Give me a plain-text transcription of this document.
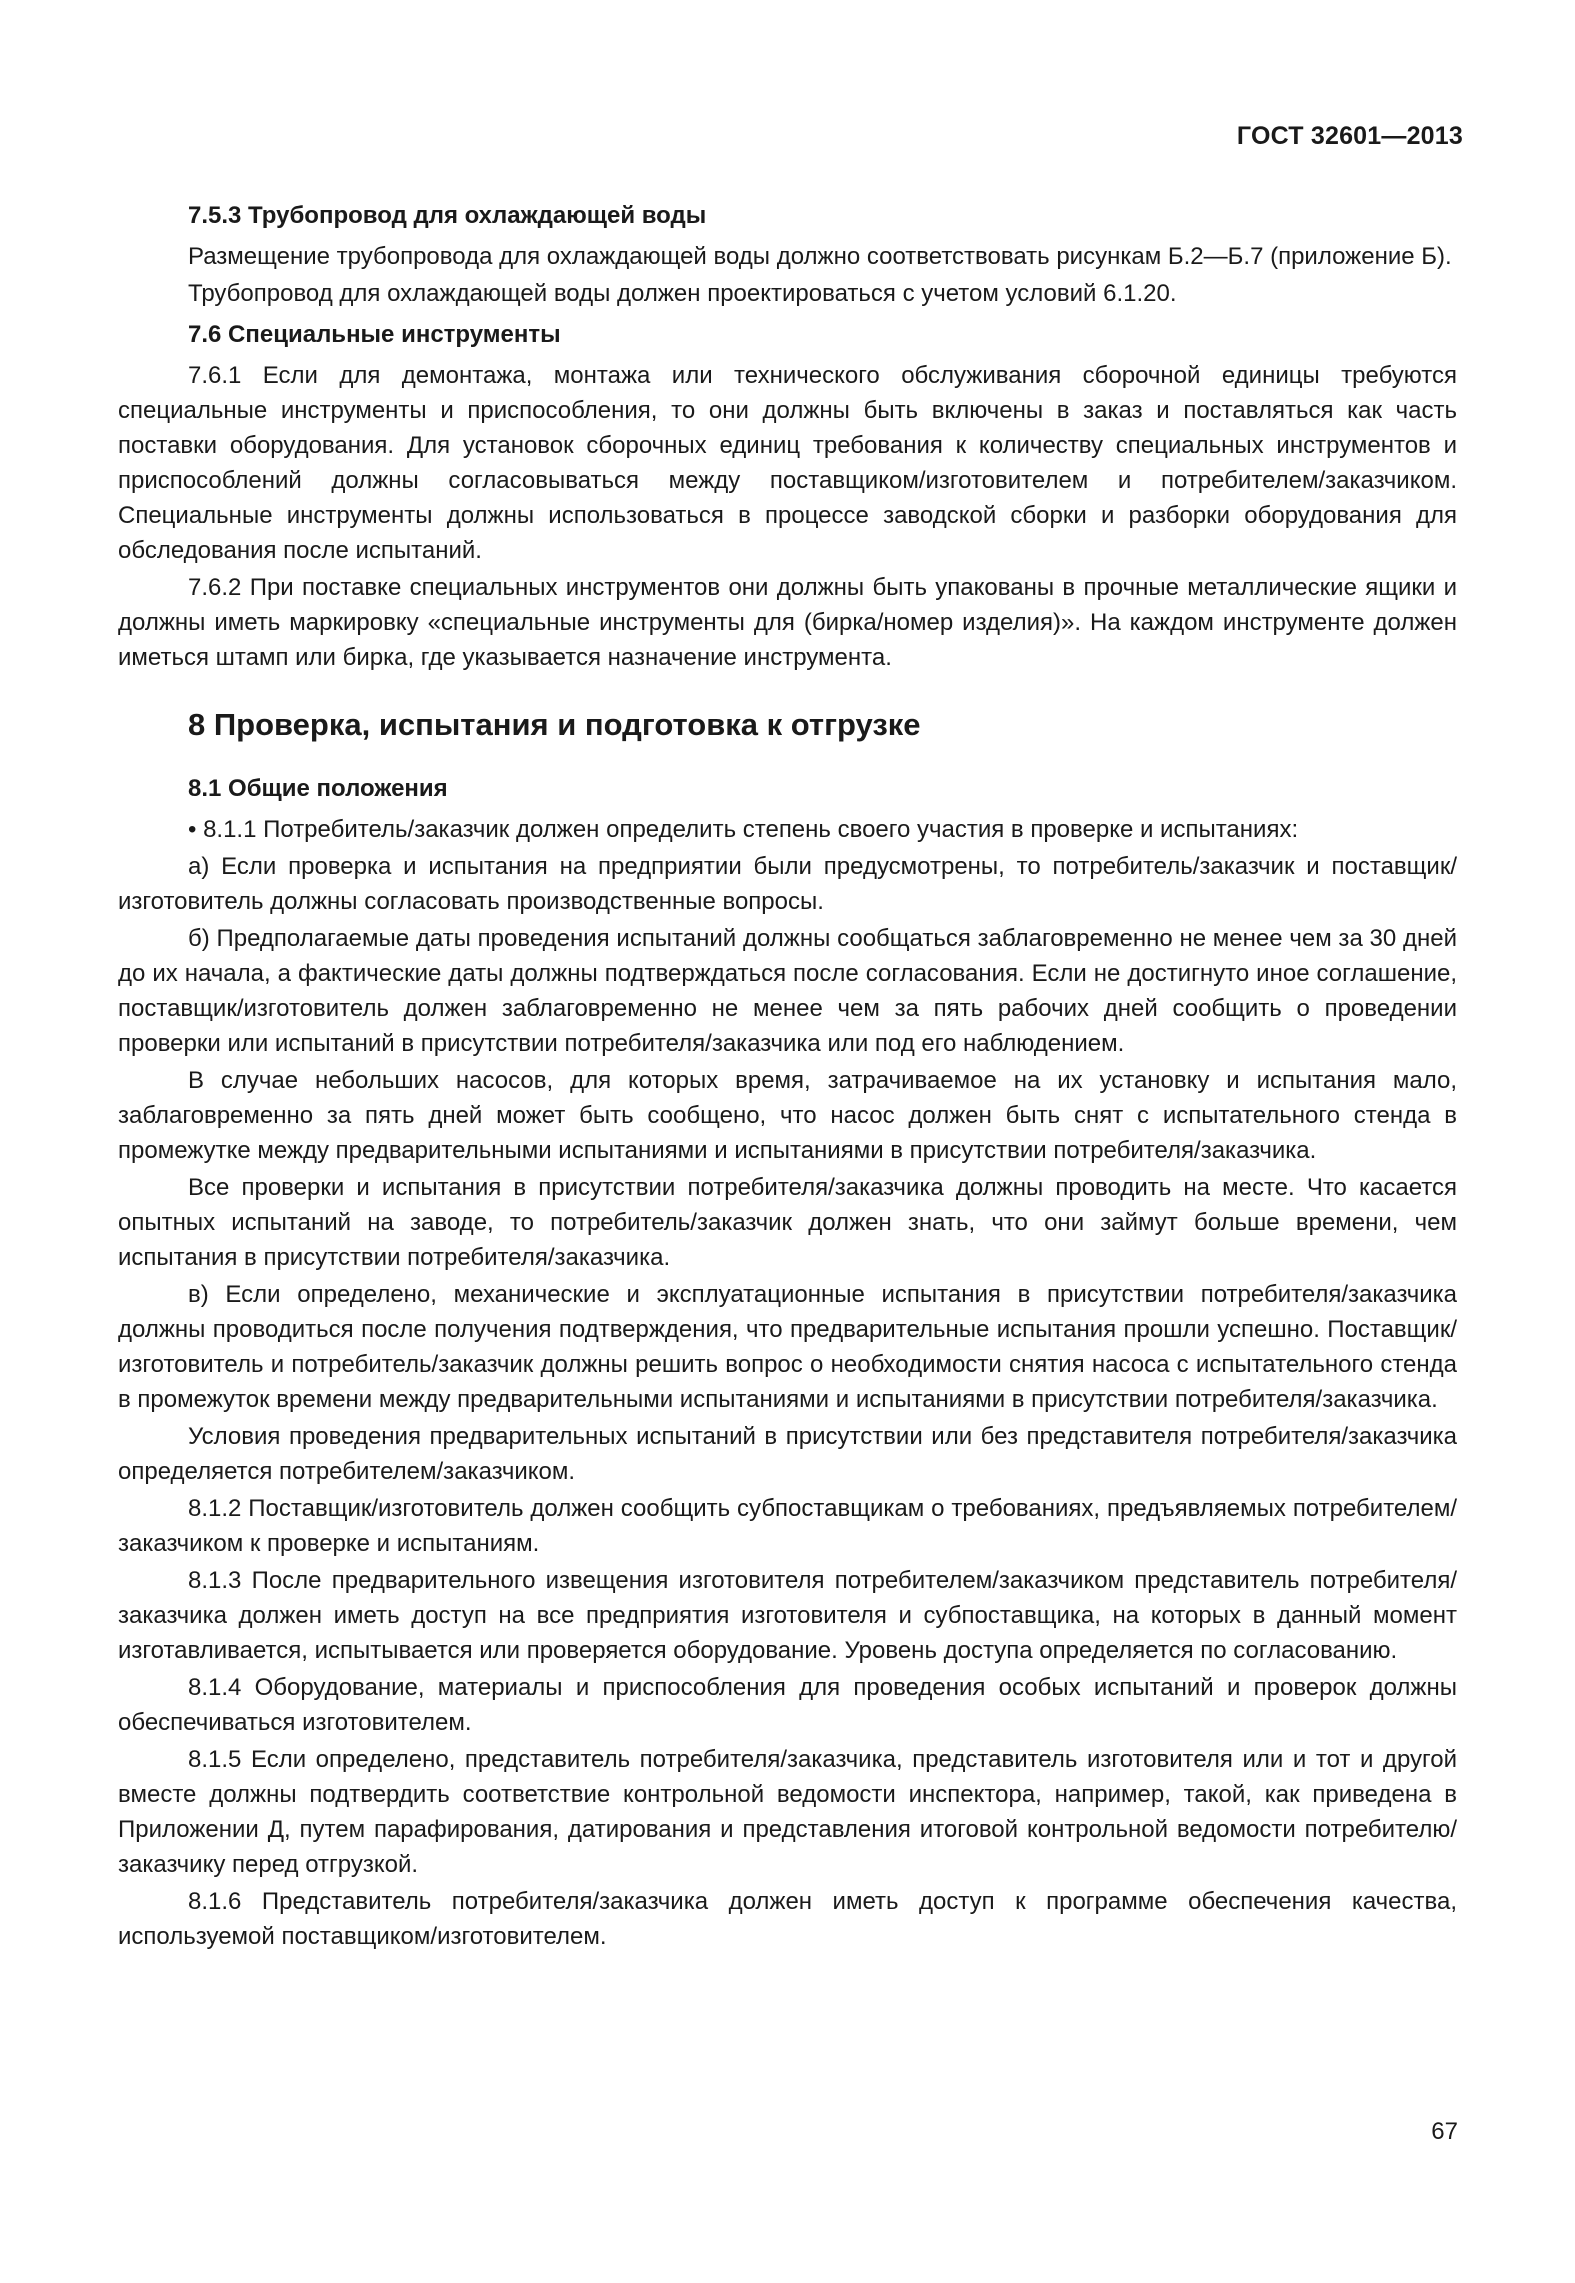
ГОСТ 32601—2013
7.5.3 Трубопровод для охлаждающей воды

Размещение трубопровода для охлаждающей воды должно соответствовать рисункам Б.2—Б.7 (приложение Б).

Трубопровод для охлаждающей воды должен проектироваться с учетом условий 6.1.20.

7.6 Специальные инструменты

7.6.1 Если для демонтажа, монтажа или технического обслуживания сборочной единицы требуются специальные инструменты и приспособления, то они должны быть включены в заказ и поставляться как часть поставки оборудования. Для установок сборочных единиц требования к количеству специальных инструментов и приспособлений должны согласовываться между поставщиком/изготовителем и потребителем/заказчиком. Специальные инструменты должны использоваться в процессе заводской сборки и разборки оборудования для обследования после испытаний.

7.6.2 При поставке специальных инструментов они должны быть упакованы в прочные металлические ящики и должны иметь маркировку «специальные инструменты для (бирка/номер изделия)». На каждом инструменте должен иметься штамп или бирка, где указывается назначение инструмента.

8 Проверка, испытания и подготовка к отгрузке
8.1 Общие положения

• 8.1.1 Потребитель/заказчик должен определить степень своего участия в проверке и испытаниях:

а) Если проверка и испытания на предприятии были предусмотрены, то потребитель/заказчик и поставщик/изготовитель должны согласовать производственные вопросы.

б) Предполагаемые даты проведения испытаний должны сообщаться заблаговременно не менее чем за 30 дней до их начала, а фактические даты должны подтверждаться после согласования. Если не достигнуто иное соглашение, поставщик/изготовитель должен заблаговременно не менее чем за пять рабочих дней сообщить о проведении проверки или испытаний в присутствии потребителя/заказчика или под его наблюдением.

В случае небольших насосов, для которых время, затрачиваемое на их установку и испытания мало, заблаговременно за пять дней может быть сообщено, что насос должен быть снят с испытательного стенда в промежутке между предварительными испытаниями и испытаниями в присутствии потребителя/заказчика.

Все проверки и испытания в присутствии потребителя/заказчика должны проводить на месте. Что касается опытных испытаний на заводе, то потребитель/заказчик должен знать, что они займут больше времени, чем испытания в присутствии потребителя/заказчика.

в) Если определено, механические и эксплуатационные испытания в присутствии потребителя/заказчика должны проводиться после получения подтверждения, что предварительные испытания прошли успешно. Поставщик/изготовитель и потребитель/заказчик должны решить вопрос о необходимости снятия насоса с испытательного стенда в промежуток времени между предварительными испытаниями и испытаниями в присутствии потребителя/заказчика.

Условия проведения предварительных испытаний в присутствии или без представителя потребителя/заказчика определяется потребителем/заказчиком.

8.1.2 Поставщик/изготовитель должен сообщить субпоставщикам о требованиях, предъявляемых потребителем/заказчиком к проверке и испытаниям.

8.1.3 После предварительного извещения изготовителя потребителем/заказчиком представитель потребителя/заказчика должен иметь доступ на все предприятия изготовителя и субпоставщика, на которых в данный момент изготавливается, испытывается или проверяется оборудование. Уровень доступа определяется по согласованию.

8.1.4 Оборудование, материалы и приспособления для проведения особых испытаний и проверок должны обеспечиваться изготовителем.

8.1.5 Если определено, представитель потребителя/заказчика, представитель изготовителя или и тот и другой вместе должны подтвердить соответствие контрольной ведомости инспектора, например, такой, как приведена в Приложении Д, путем парафирования, датирования и представления итоговой контрольной ведомости потребителю/заказчику перед отгрузкой.

8.1.6 Представитель потребителя/заказчика должен иметь доступ к программе обеспечения качества, используемой поставщиком/изготовителем.

67
